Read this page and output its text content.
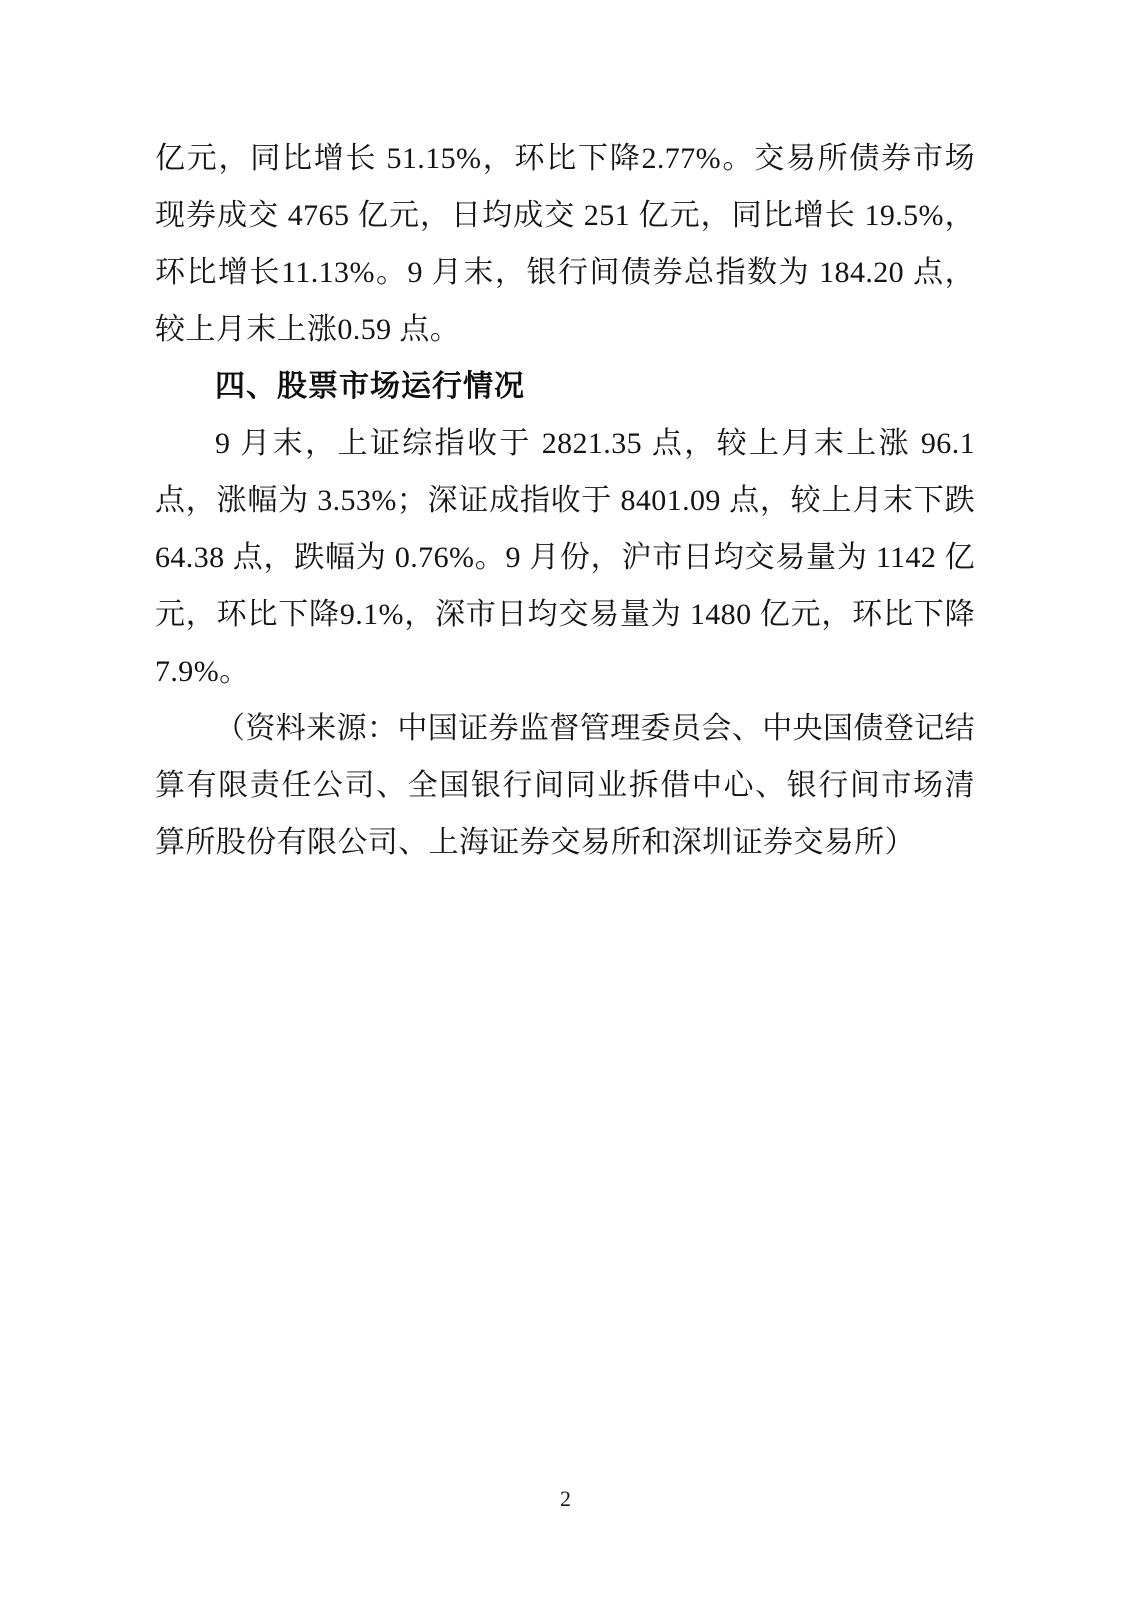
亿元，同比增长 51.15%，环比下降2.77%。交易所债券市场现券成交 4765 亿元，日均成交 251 亿元，同比增长 19.5%，环比增长11.13%。9 月末，银行间债券总指数为 184.20 点，较上月末上涨0.59 点。

四、股票市场运行情况

9 月末，上证综指收于 2821.35 点，较上月末上涨 96.1 点，涨幅为 3.53%；深证成指收于 8401.09 点，较上月末下跌 64.38 点，跌幅为 0.76%。9 月份，沪市日均交易量为 1142 亿元，环比下降9.1%，深市日均交易量为 1480 亿元，环比下降 7.9%。

（资料来源：中国证券监督管理委员会、中央国债登记结算有限责任公司、全国银行间同业拆借中心、银行间市场清算所股份有限公司、上海证券交易所和深圳证券交易所）

2
